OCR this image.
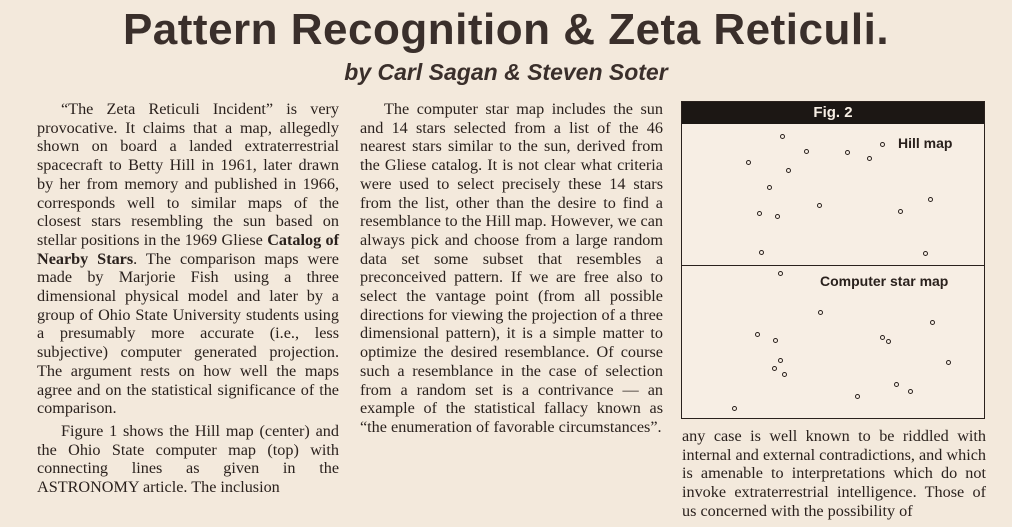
Pattern Recognition & Zeta Reticuli.
by Carl Sagan & Steven Soter

“The Zeta Reticuli Incident” is very provocative. It claims that a map, allegedly shown on board a landed extraterrestrial spacecraft to Betty Hill in 1961, later drawn by her from memory and published in 1966, corresponds well to similar maps of the closest stars resembling the sun based on stellar positions in the 1969 Gliese Catalog of Nearby Stars. The comparison maps were made by Marjorie Fish using a three dimensional physical model and later by a group of Ohio State University students using a presumably more accurate (i.e., less subjective) computer generated projection. The argument rests on how well the maps agree and on the statistical significance of the comparison.

Figure 1 shows the Hill map (center) and the Ohio State computer map (top) with connecting lines as given in the ASTRONOMY article. The inclusion

The computer star map includes the sun and 14 stars selected from a list of the 46 nearest stars similar to the sun, derived from the Gliese catalog. It is not clear what criteria were used to select precisely these 14 stars from the list, other than the desire to find a resemblance to the Hill map. However, we can always pick and choose from a large random data set some subset that resembles a preconceived pattern. If we are free also to select the vantage point (from all possible directions for viewing the projection of a three dimensional pattern), it is a simple matter to optimize the desired resemblance. Of course such a resemblance in the case of selection from a random set is a contrivance — an example of the statistical fallacy known as “the enumeration of favorable circumstances”.

Fig. 2
Hill map
Computer star map

any case is well known to be riddled with internal and external contradictions, and which is amenable to interpretations which do not invoke extraterrestrial intelligence. Those of us concerned with the possibility of
